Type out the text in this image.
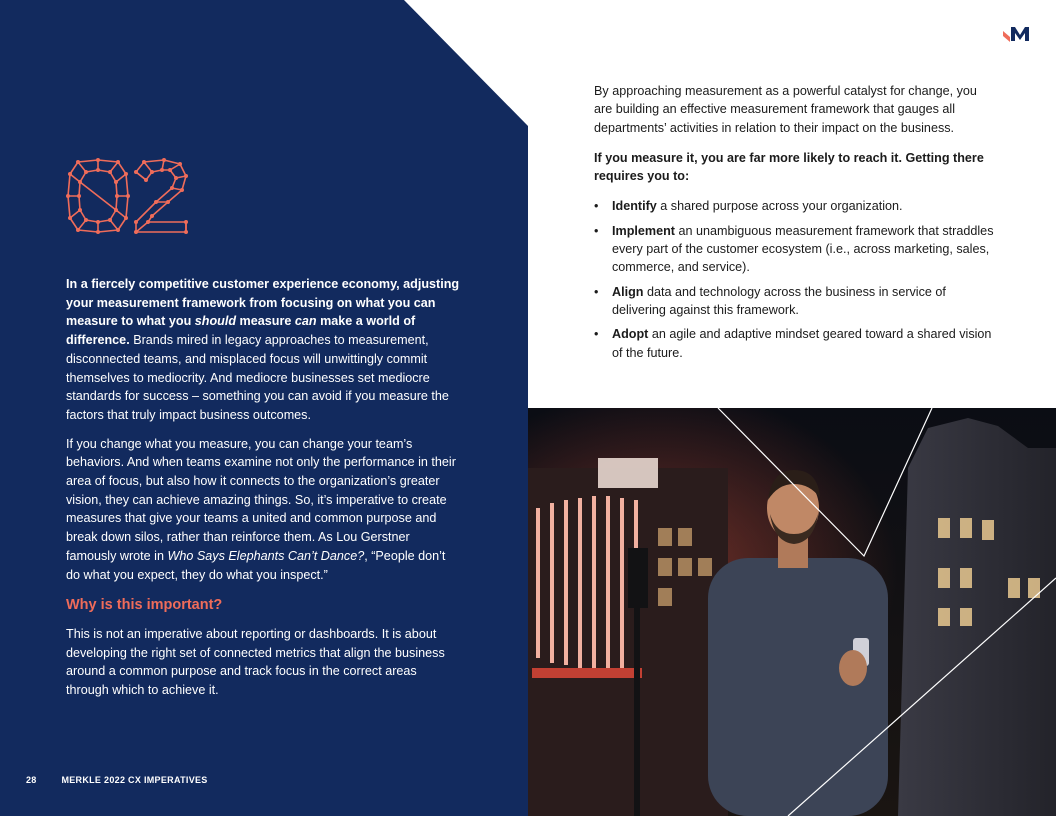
In a fiercely competitive customer experience economy, adjusting your measurement framework from focusing on what you can measure to what you should measure can make a world of difference. Brands mired in legacy approaches to measurement, disconnected teams, and misplaced focus will unwittingly commit themselves to mediocrity. And mediocre businesses set mediocre standards for success – something you can avoid if you measure the factors that truly impact business outcomes.

If you change what you measure, you can change your team’s behaviors. And when teams examine not only the performance in their area of focus, but also how it connects to the organization’s greater vision, they can achieve amazing things. So, it’s imperative to create measures that give your teams a united and common purpose and break down silos, rather than reinforce them. As Lou Gerstner famously wrote in Who Says Elephants Can’t Dance?, “People don’t do what you expect, they do what you inspect.”

Why is this important?

This is not an imperative about reporting or dashboards. It is about developing the right set of connected metrics that align the business around a common purpose and track focus in the correct areas through which to achieve it.

28	MERKLE 2022 CX IMPERATIVES

By approaching measurement as a powerful catalyst for change, you are building an effective measurement framework that gauges all departments’ activities in relation to their impact on the business.

If you measure it, you are far more likely to reach it. Getting there requires you to:

• Identify a shared purpose across your organization.
• Implement an unambiguous measurement framework that straddles every part of the customer ecosystem (i.e., across marketing, sales, commerce, and service).
• Align data and technology across the business in service of delivering against this framework.
• Adopt an agile and adaptive mindset geared toward a shared vision of the future.
